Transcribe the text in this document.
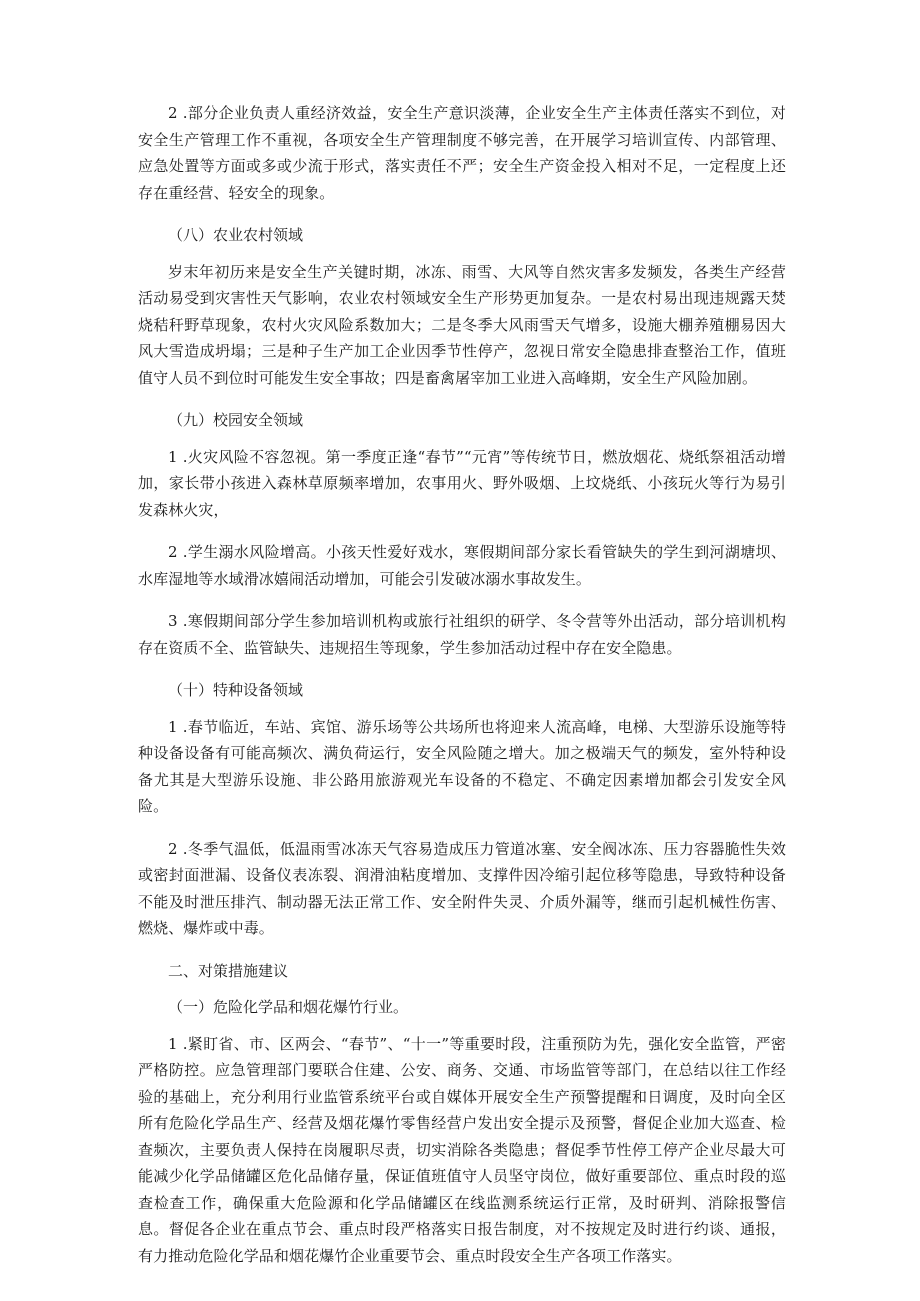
2 .部分企业负责人重经济效益，安全生产意识淡薄，企业安全生产主体责任落实不到位，对安全生产管理工作不重视，各项安全生产管理制度不够完善，在开展学习培训宣传、内部管理、应急处置等方面或多或少流于形式，落实责任不严；安全生产资金投入相对不足，一定程度上还存在重经营、轻安全的现象。

（八）农业农村领域

岁末年初历来是安全生产关键时期，冰冻、雨雪、大风等自然灾害多发频发，各类生产经营活动易受到灾害性天气影响，农业农村领域安全生产形势更加复杂。一是农村易出现违规露天焚烧秸秆野草现象，农村火灾风险系数加大；二是冬季大风雨雪天气增多，设施大棚养殖棚易因大风大雪造成坍塌；三是种子生产加工企业因季节性停产，忽视日常安全隐患排查整治工作，值班值守人员不到位时可能发生安全事故；四是畜禽屠宰加工业进入高峰期，安全生产风险加剧。

（九）校园安全领域

1 .火灾风险不容忽视。第一季度正逢“春节”“元宵”等传统节日，燃放烟花、烧纸祭祖活动增加，家长带小孩进入森林草原频率增加，农事用火、野外吸烟、上坟烧纸、小孩玩火等行为易引发森林火灾，

2 .学生溺水风险增高。小孩天性爱好戏水，寒假期间部分家长看管缺失的学生到河湖塘坝、水库湿地等水域滑冰嬉闹活动增加，可能会引发破冰溺水事故发生。

3 .寒假期间部分学生参加培训机构或旅行社组织的研学、冬令营等外出活动，部分培训机构存在资质不全、监管缺失、违规招生等现象，学生参加活动过程中存在安全隐患。

（十）特种设备领域

1 .春节临近，车站、宾馆、游乐场等公共场所也将迎来人流高峰，电梯、大型游乐设施等特种设备设备有可能高频次、满负荷运行，安全风险随之增大。加之极端天气的频发，室外特种设备尤其是大型游乐设施、非公路用旅游观光车设备的不稳定、不确定因素增加都会引发安全风险。

2 .冬季气温低，低温雨雪冰冻天气容易造成压力管道冰塞、安全阀冰冻、压力容器脆性失效或密封面泄漏、设备仪表冻裂、润滑油粘度增加、支撑件因冷缩引起位移等隐患，导致特种设备不能及时泄压排汽、制动器无法正常工作、安全附件失灵、介质外漏等，继而引起机械性伤害、燃烧、爆炸或中毒。

二、对策措施建议
（一）危险化学品和烟花爆竹行业。

1 .紧盯省、市、区两会、“春节”、“十一”等重要时段，注重预防为先，强化安全监管，严密严格防控。应急管理部门要联合住建、公安、商务、交通、市场监管等部门，在总结以往工作经验的基础上，充分利用行业监管系统平台或自媒体开展安全生产预警提醒和日调度，及时向全区所有危险化学品生产、经营及烟花爆竹零售经营户发出安全提示及预警，督促企业加大巡查、检查频次，主要负责人保持在岗履职尽责，切实消除各类隐患；督促季节性停工停产企业尽最大可能减少化学品储罐区危化品储存量，保证值班值守人员坚守岗位，做好重要部位、重点时段的巡查检查工作，确保重大危险源和化学品储罐区在线监测系统运行正常，及时研判、消除报警信息。督促各企业在重点节会、重点时段严格落实日报告制度，对不按规定及时进行约谈、通报，有力推动危险化学品和烟花爆竹企业重要节会、重点时段安全生产各项工作落实。
